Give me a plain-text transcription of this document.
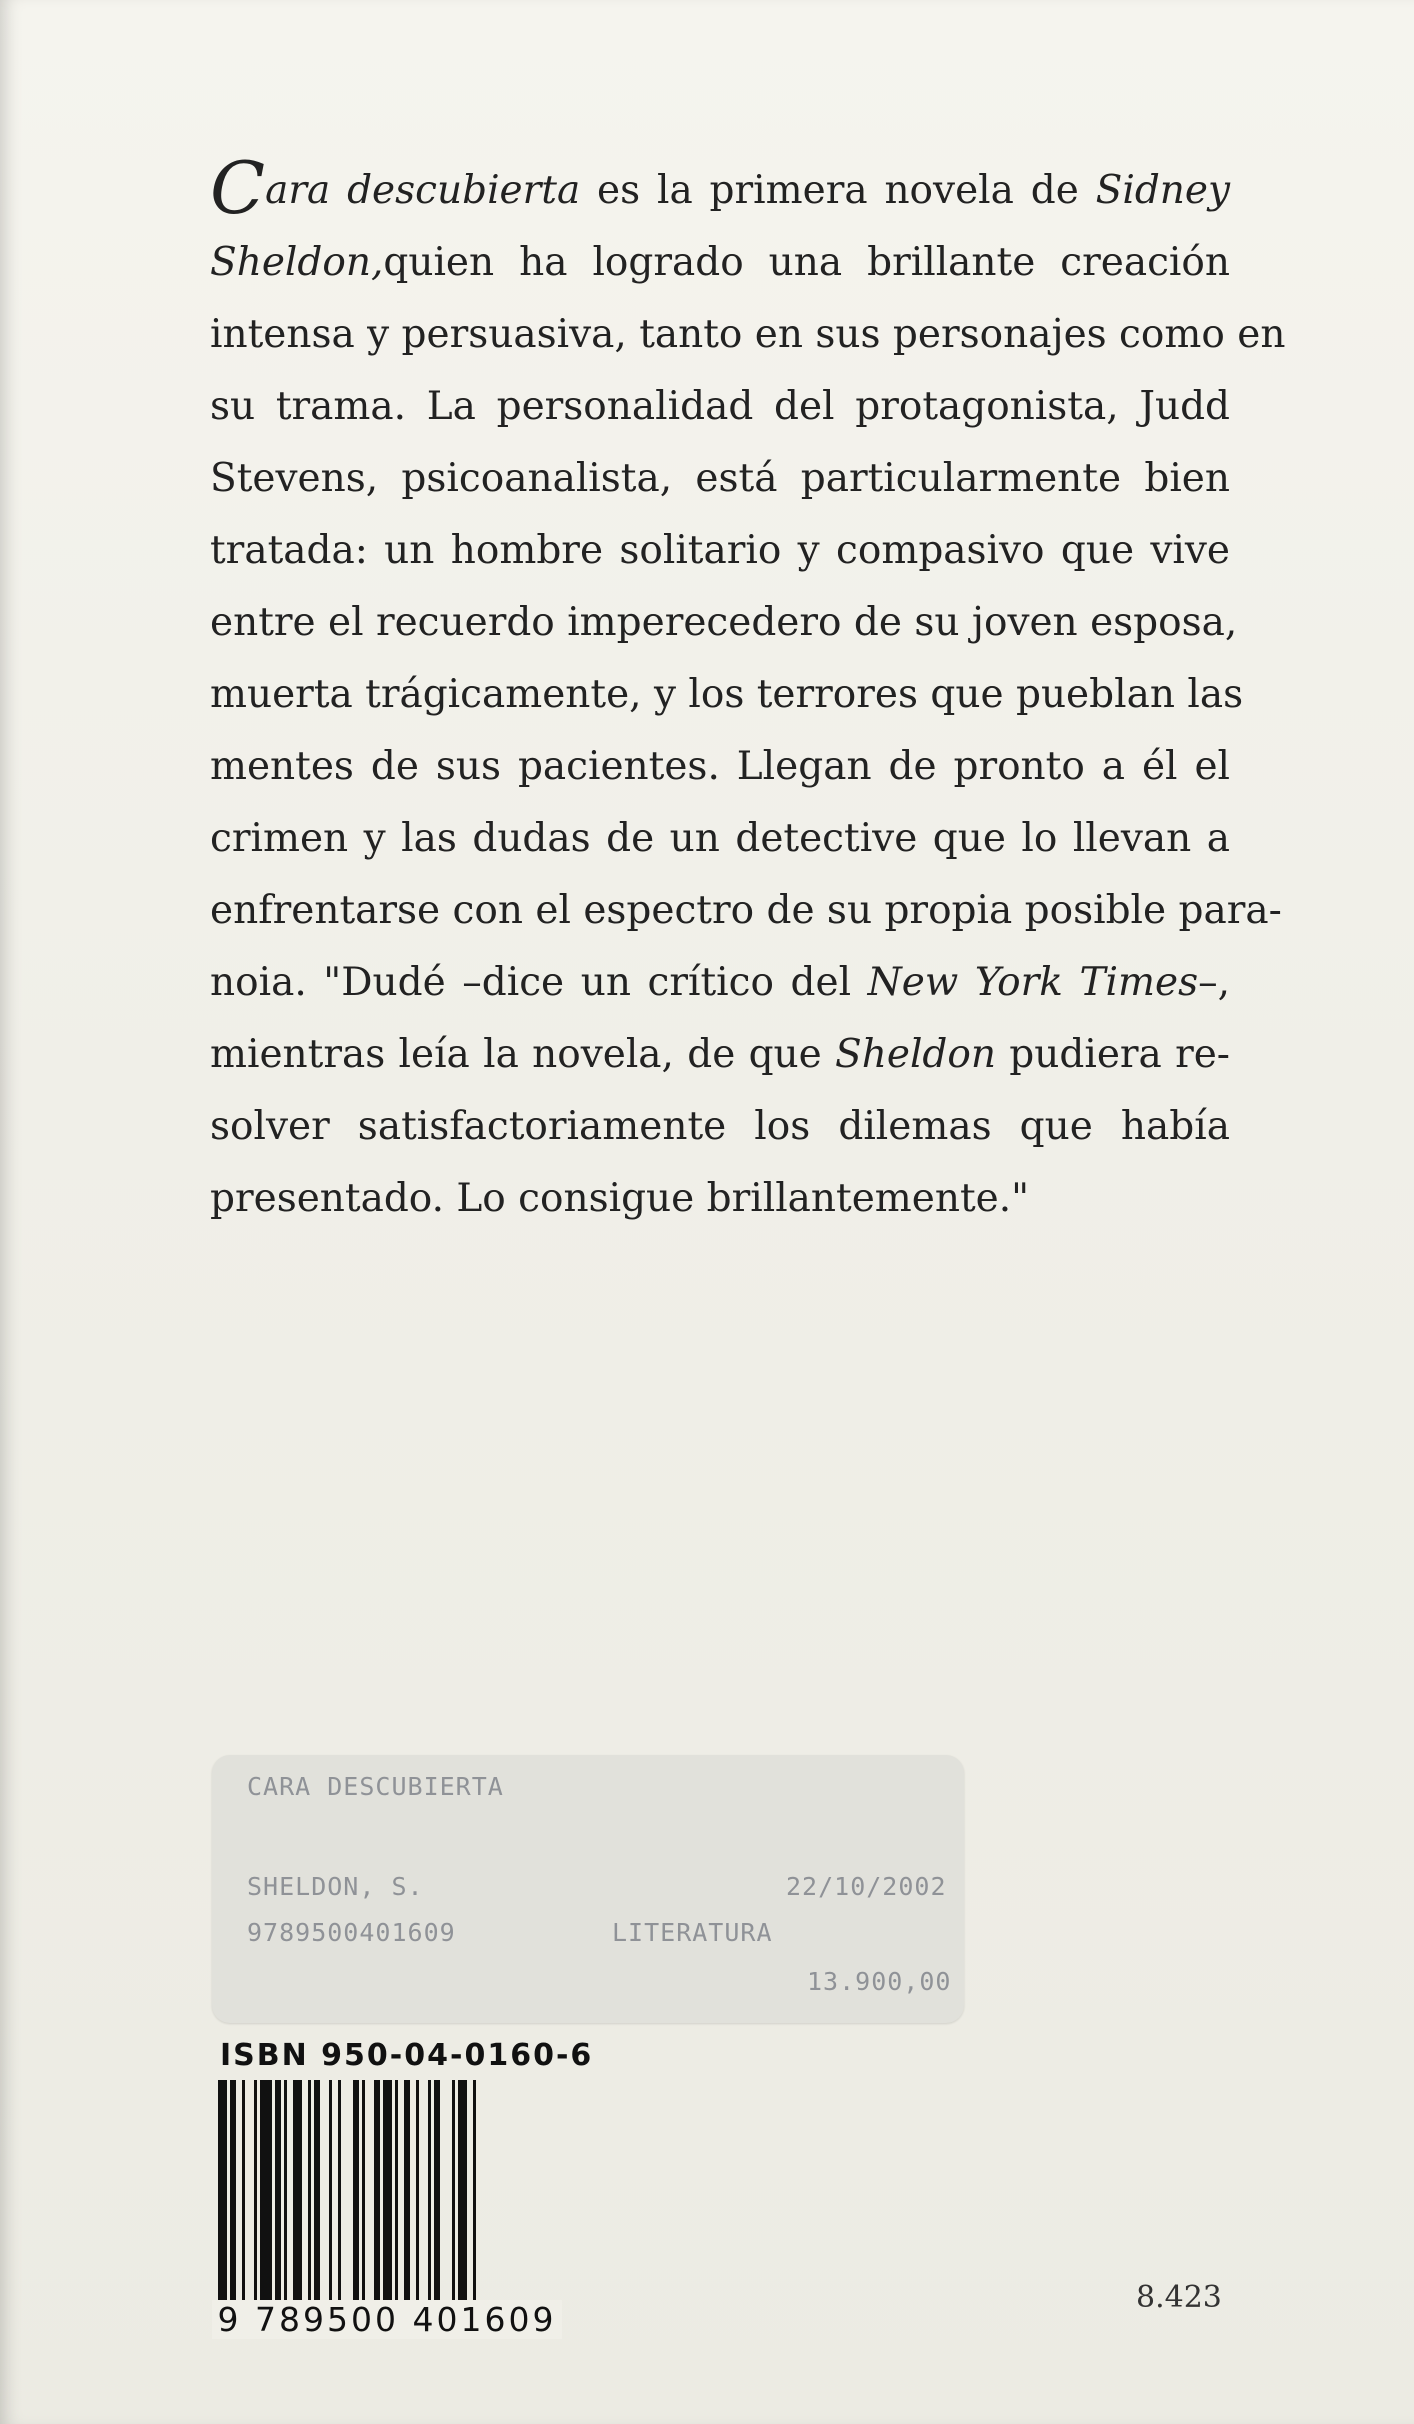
Cara descubierta es la primera novela de Sidney
Sheldon,quien ha logrado una brillante creación
intensa y persuasiva, tanto en sus personajes como en
su trama. La personalidad del protagonista, Judd
Stevens, psicoanalista, está particularmente bien
tratada: un hombre solitario y compasivo que vive
entre el recuerdo imperecedero de su joven esposa,
muerta trágicamente, y los terrores que pueblan las
mentes de sus pacientes. Llegan de pronto a él el
crimen y las dudas de un detective que lo llevan a
enfrentarse con el espectro de su propia posible para-
noia. "Dudé –dice un crítico del New York Times–,
mientras leía la novela, de que Sheldon pudiera re-
solver satisfactoriamente los dilemas que había
presentado. Lo consigue brillantemente."
CARA DESCUBIERTA
SHELDON, S.	22/10/2002
9789500401609	LITERATURA
13.900,00
ISBN 950-04-0160-6
9 789500 401609
8.423
